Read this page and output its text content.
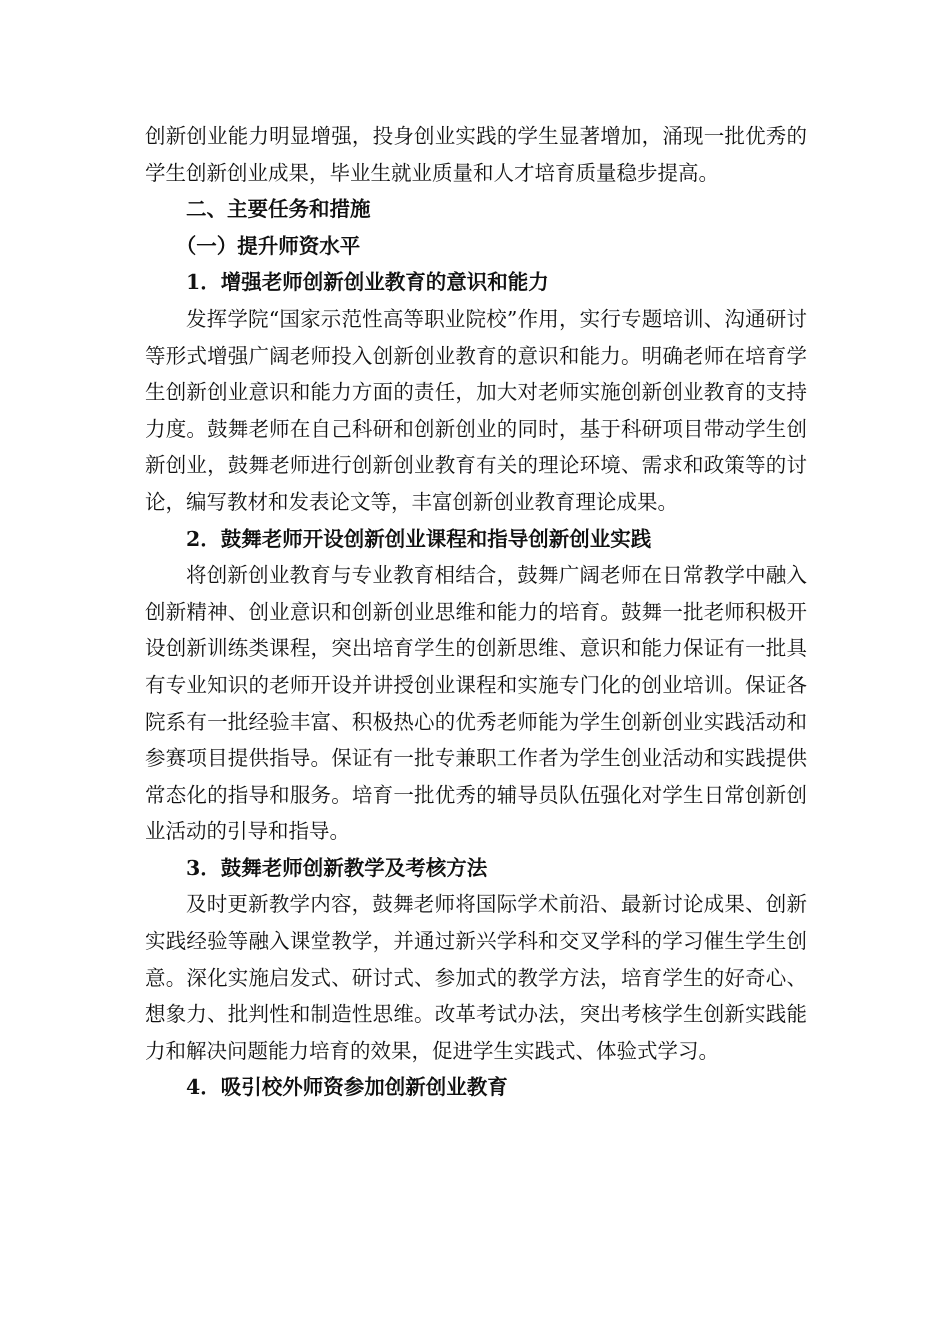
创新创业能力明显增强，投身创业实践的学生显著增加，涌现一批优秀的学生创新创业成果，毕业生就业质量和人才培育质量稳步提高。

二、主要任务和措施

（一）提升师资水平

1．增强老师创新创业教育的意识和能力

发挥学院“国家示范性高等职业院校”作用，实行专题培训、沟通研讨等形式增强广阔老师投入创新创业教育的意识和能力。明确老师在培育学生创新创业意识和能力方面的责任，加大对老师实施创新创业教育的支持力度。鼓舞老师在自己科研和创新创业的同时，基于科研项目带动学生创新创业，鼓舞老师进行创新创业教育有关的理论环境、需求和政策等的讨论，编写教材和发表论文等，丰富创新创业教育理论成果。

2．鼓舞老师开设创新创业课程和指导创新创业实践

将创新创业教育与专业教育相结合，鼓舞广阔老师在日常教学中融入创新精神、创业意识和创新创业思维和能力的培育。鼓舞一批老师积极开设创新训练类课程，突出培育学生的创新思维、意识和能力保证有一批具有专业知识的老师开设并讲授创业课程和实施专门化的创业培训。保证各院系有一批经验丰富、积极热心的优秀老师能为学生创新创业实践活动和参赛项目提供指导。保证有一批专兼职工作者为学生创业活动和实践提供常态化的指导和服务。培育一批优秀的辅导员队伍强化对学生日常创新创业活动的引导和指导。

3．鼓舞老师创新教学及考核方法

及时更新教学内容，鼓舞老师将国际学术前沿、最新讨论成果、创新实践经验等融入课堂教学，并通过新兴学科和交叉学科的学习催生学生创意。深化实施启发式、研讨式、参加式的教学方法，培育学生的好奇心、想象力、批判性和制造性思维。改革考试办法，突出考核学生创新实践能力和解决问题能力培育的效果，促进学生实践式、体验式学习。

4．吸引校外师资参加创新创业教育
